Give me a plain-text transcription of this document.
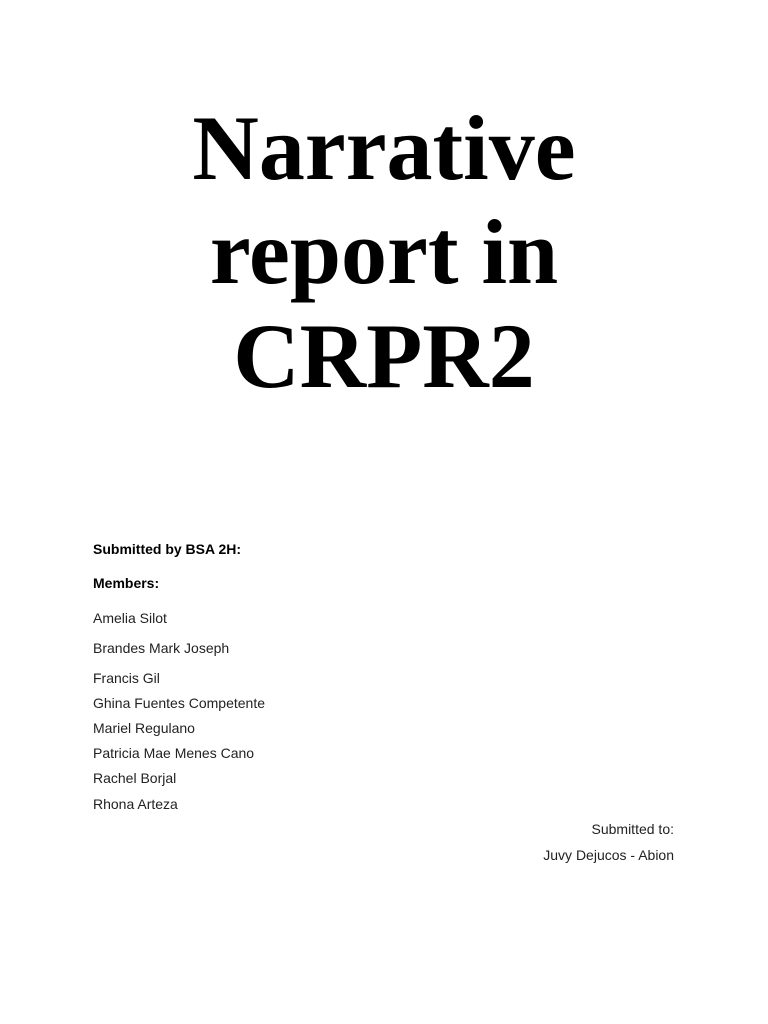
Narrative
report in
CRPR2
Submitted by BSA 2H:
Members:
Amelia Silot
Brandes Mark Joseph
Francis Gil
Ghina Fuentes Competente
Mariel Regulano
Patricia Mae Menes Cano
Rachel Borjal
Rhona Arteza
Submitted to:
Juvy Dejucos - Abion
